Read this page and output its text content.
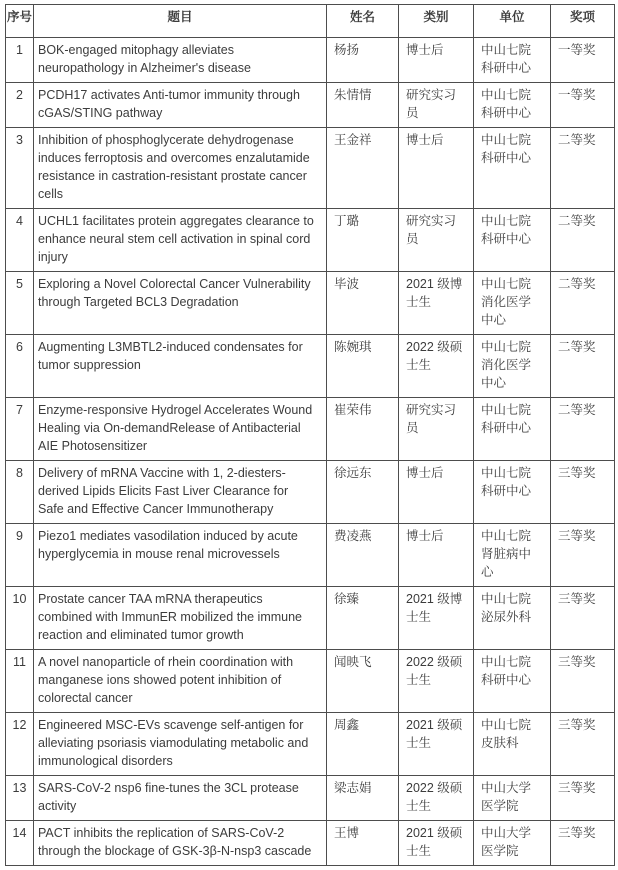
序号	题目	姓名	类别	单位	奖项
1	BOK-engaged mitophagy alleviates neuropathology in Alzheimer's disease	杨扬	博士后	中山七院科研中心	一等奖
2	PCDH17 activates Anti-tumor immunity through cGAS/STING pathway	朱情情	研究实习员	中山七院科研中心	一等奖
3	Inhibition of phosphoglycerate dehydrogenase induces ferroptosis and overcomes enzalutamide resistance in castration-resistant prostate cancer cells	王金祥	博士后	中山七院科研中心	二等奖
4	UCHL1 facilitates protein aggregates clearance to enhance neural stem cell activation in spinal cord injury	丁璐	研究实习员	中山七院科研中心	二等奖
5	Exploring a Novel Colorectal Cancer Vulnerability through Targeted BCL3 Degradation	毕波	2021 级博士生	中山七院消化医学中心	二等奖
6	Augmenting L3MBTL2-induced condensates for tumor suppression	陈婉琪	2022 级硕士生	中山七院消化医学中心	二等奖
7	Enzyme-responsive Hydrogel Accelerates Wound Healing via On-demandRelease of Antibacterial AIE Photosensitizer	崔荣伟	研究实习员	中山七院科研中心	二等奖
8	Delivery of mRNA Vaccine with 1, 2-diesters-derived Lipids Elicits Fast Liver Clearance for Safe and Effective Cancer Immunotherapy	徐远东	博士后	中山七院科研中心	三等奖
9	Piezo1 mediates vasodilation induced by acute hyperglycemia in mouse renal microvessels	费凌燕	博士后	中山七院肾脏病中心	三等奖
10	Prostate cancer TAA mRNA therapeutics combined with ImmunER mobilized the immune reaction and eliminated tumor growth	徐臻	2021 级博士生	中山七院泌尿外科	三等奖
11	A novel nanoparticle of rhein coordination with manganese ions showed potent inhibition of colorectal cancer	闻映飞	2022 级硕士生	中山七院科研中心	三等奖
12	Engineered MSC-EVs scavenge self-antigen for alleviating psoriasis viamodulating metabolic and immunological disorders	周鑫	2021 级硕士生	中山七院皮肤科	三等奖
13	SARS-CoV-2 nsp6 fine-tunes the 3CL protease activity	梁志娟	2022 级硕士生	中山大学医学院	三等奖
14	PACT inhibits the replication of SARS-CoV-2 through the blockage of GSK-3β-N-nsp3 cascade	王博	2021 级硕士生	中山大学医学院	三等奖
